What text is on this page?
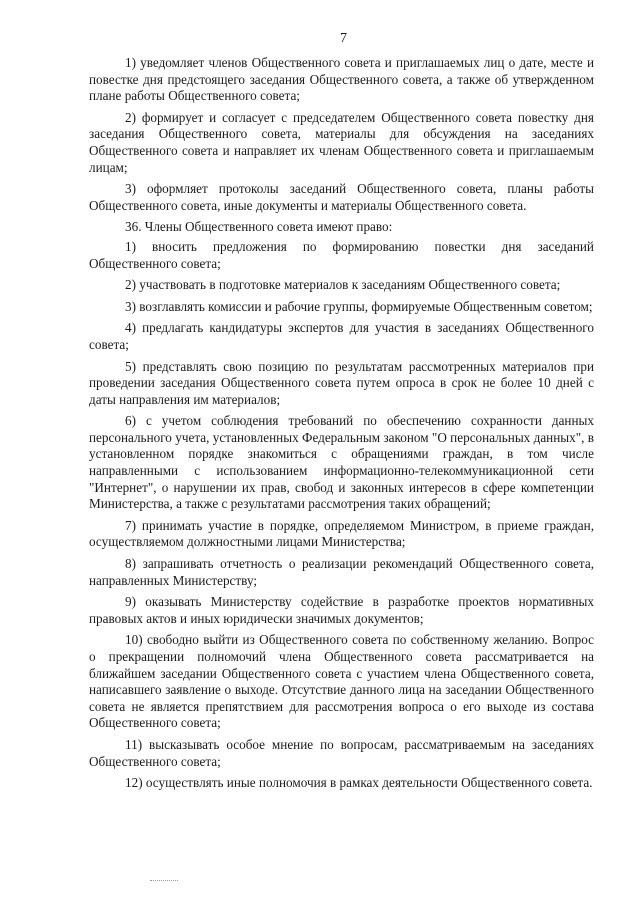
7

1) уведомляет членов Общественного совета и приглашаемых лиц о дате, месте и повестке дня предстоящего заседания Общественного совета, а также об утвержденном плане работы Общественного совета;

2) формирует и согласует с председателем Общественного совета повестку дня заседания Общественного совета, материалы для обсуждения на заседаниях Общественного совета и направляет их членам Общественного совета и приглашаемым лицам;

3) оформляет протоколы заседаний Общественного совета, планы работы Общественного совета, иные документы и материалы Общественного совета.

36. Члены Общественного совета имеют право:

1) вносить предложения по формированию повестки дня заседаний Общественного совета;

2) участвовать в подготовке материалов к заседаниям Общественного совета;

3) возглавлять комиссии и рабочие группы, формируемые Общественным советом;

4) предлагать кандидатуры экспертов для участия в заседаниях Общественного совета;

5) представлять свою позицию по результатам рассмотренных материалов при проведении заседания Общественного совета путем опроса в срок не более 10 дней с даты направления им материалов;

6) с учетом соблюдения требований по обеспечению сохранности данных персонального учета, установленных Федеральным законом "О персональных данных", в установленном порядке знакомиться с обращениями граждан, в том числе направленными с использованием информационно-телекоммуникационной сети "Интернет", о нарушении их прав, свобод и законных интересов в сфере компетенции Министерства, а также с результатами рассмотрения таких обращений;

7) принимать участие в порядке, определяемом Министром, в приеме граждан, осуществляемом должностными лицами Министерства;

8) запрашивать отчетность о реализации рекомендаций Общественного совета, направленных Министерству;

9) оказывать Министерству содействие в разработке проектов нормативных правовых актов и иных юридически значимых документов;

10) свободно выйти из Общественного совета по собственному желанию. Вопрос о прекращении полномочий члена Общественного совета рассматривается на ближайшем заседании Общественного совета с участием члена Общественного совета, написавшего заявление о выходе. Отсутствие данного лица на заседании Общественного совета не является препятствием для рассмотрения вопроса о его выходе из состава Общественного совета;

11) высказывать особое мнение по вопросам, рассматриваемым на заседаниях Общественного совета;

12) осуществлять иные полномочия в рамках деятельности Общественного совета.
